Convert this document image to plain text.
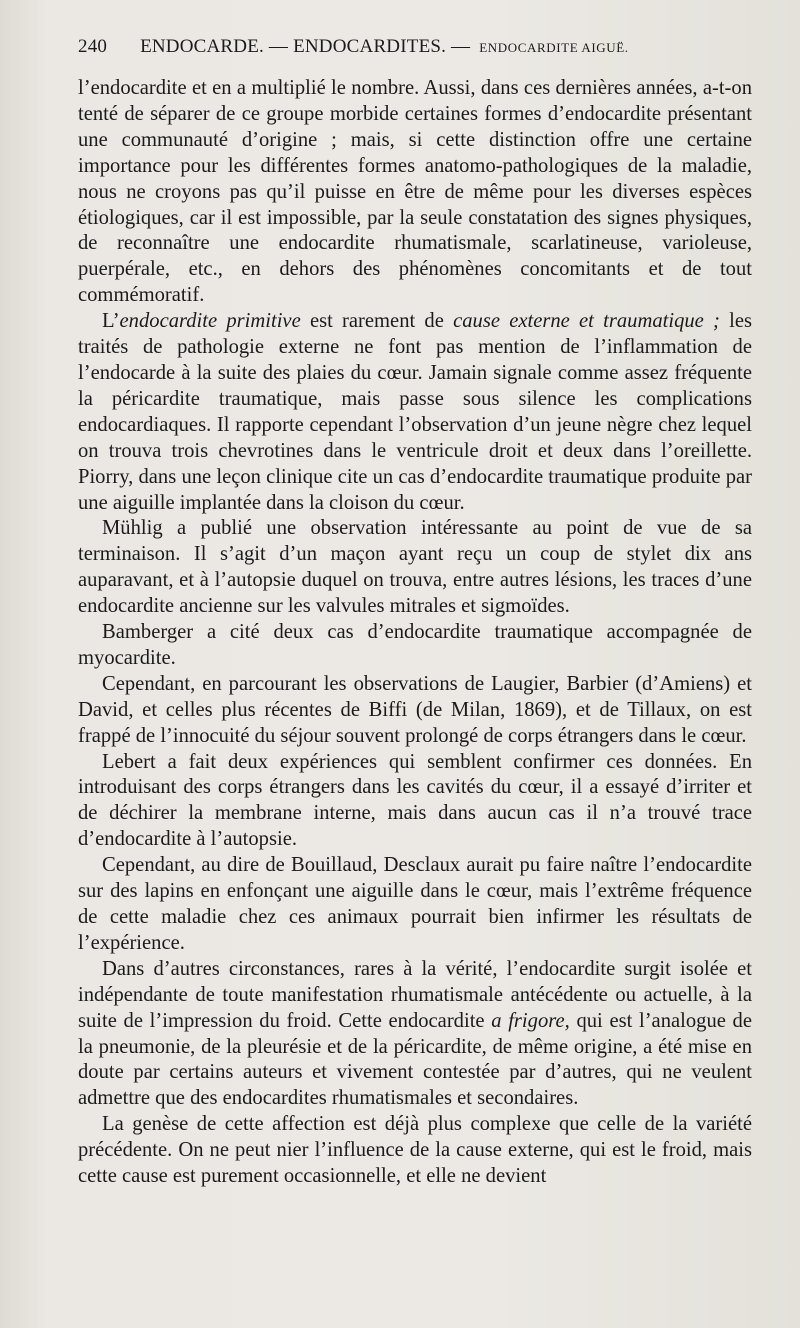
240 ENDOCARDE. — ENDOCARDITES. — ENDOCARDITE AIGUË.

l’endocardite et en a multiplié le nombre. Aussi, dans ces dernières années, a-t-on tenté de séparer de ce groupe morbide certaines formes d’endocardite présentant une communauté d’origine ; mais, si cette distinction offre une certaine importance pour les différentes formes anatomo-pathologiques de la maladie, nous ne croyons pas qu’il puisse en être de même pour les diverses espèces étiologiques, car il est impossible, par la seule constatation des signes physiques, de reconnaître une endocardite rhumatismale, scarlatineuse, varioleuse, puerpérale, etc., en dehors des phénomènes concomitants et de tout commémoratif.

L’endocardite primitive est rarement de cause externe et traumatique ; les traités de pathologie externe ne font pas mention de l’inflammation de l’endocarde à la suite des plaies du cœur. Jamain signale comme assez fréquente la péricardite traumatique, mais passe sous silence les complications endocardiaques. Il rapporte cependant l’observation d’un jeune nègre chez lequel on trouva trois chevrotines dans le ventricule droit et deux dans l’oreillette. Piorry, dans une leçon clinique cite un cas d’endocardite traumatique produite par une aiguille implantée dans la cloison du cœur.

Mühlig a publié une observation intéressante au point de vue de sa terminaison. Il s’agit d’un maçon ayant reçu un coup de stylet dix ans auparavant, et à l’autopsie duquel on trouva, entre autres lésions, les traces d’une endocardite ancienne sur les valvules mitrales et sigmoïdes.

Bamberger a cité deux cas d’endocardite traumatique accompagnée de myocardite.

Cependant, en parcourant les observations de Laugier, Barbier (d’Amiens) et David, et celles plus récentes de Biffi (de Milan, 1869), et de Tillaux, on est frappé de l’innocuité du séjour souvent prolongé de corps étrangers dans le cœur.

Lebert a fait deux expériences qui semblent confirmer ces données. En introduisant des corps étrangers dans les cavités du cœur, il a essayé d’irriter et de déchirer la membrane interne, mais dans aucun cas il n’a trouvé trace d’endocardite à l’autopsie.

Cependant, au dire de Bouillaud, Desclaux aurait pu faire naître l’endocardite sur des lapins en enfonçant une aiguille dans le cœur, mais l’extrême fréquence de cette maladie chez ces animaux pourrait bien infirmer les résultats de l’expérience.

Dans d’autres circonstances, rares à la vérité, l’endocardite surgit isolée et indépendante de toute manifestation rhumatismale antécédente ou actuelle, à la suite de l’impression du froid. Cette endocardite a frigore, qui est l’analogue de la pneumonie, de la pleurésie et de la péricardite, de même origine, a été mise en doute par certains auteurs et vivement contestée par d’autres, qui ne veulent admettre que des endocardites rhumatismales et secondaires.

La genèse de cette affection est déjà plus complexe que celle de la variété précédente. On ne peut nier l’influence de la cause externe, qui est le froid, mais cette cause est purement occasionnelle, et elle ne devient
